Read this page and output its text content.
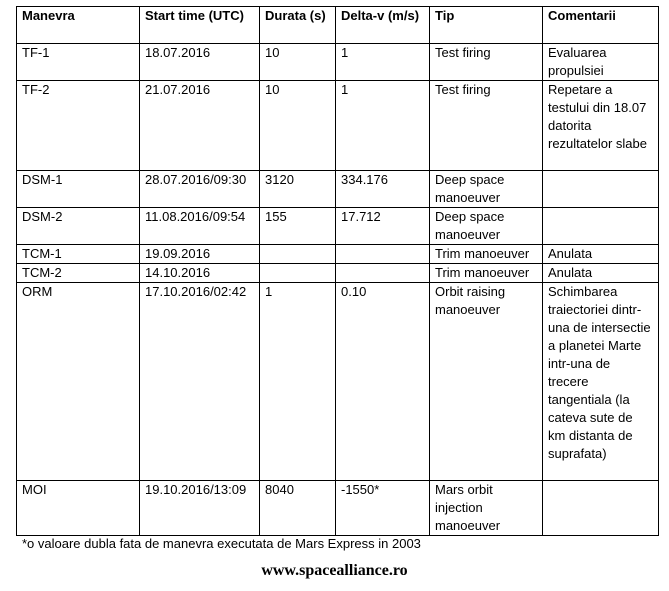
Manevra	Start time (UTC)	Durata (s)	Delta-v (m/s)	Tip	Comentarii
TF-1	18.07.2016	10	1	Test firing	Evaluarea propulsiei
TF-2	21.07.2016	10	1	Test firing	Repetare a testului din 18.07 datorita rezultatelor slabe
DSM-1	28.07.2016/09:30	3120	334.176	Deep space manoeuver	
DSM-2	11.08.2016/09:54	155	17.712	Deep space manoeuver	
TCM-1	19.09.2016			Trim manoeuver	Anulata
TCM-2	14.10.2016			Trim manoeuver	Anulata
ORM	17.10.2016/02:42	1	0.10	Orbit raising manoeuver	Schimbarea traiectoriei dintr-una de intersectie a planetei Marte intr-una de trecere tangentiala (la cateva sute de km distanta de suprafata)
MOI	19.10.2016/13:09	8040	-1550*	Mars orbit injection manoeuver	
*o valoare dubla fata de manevra executata de Mars Express in 2003
www.spacealliance.ro
